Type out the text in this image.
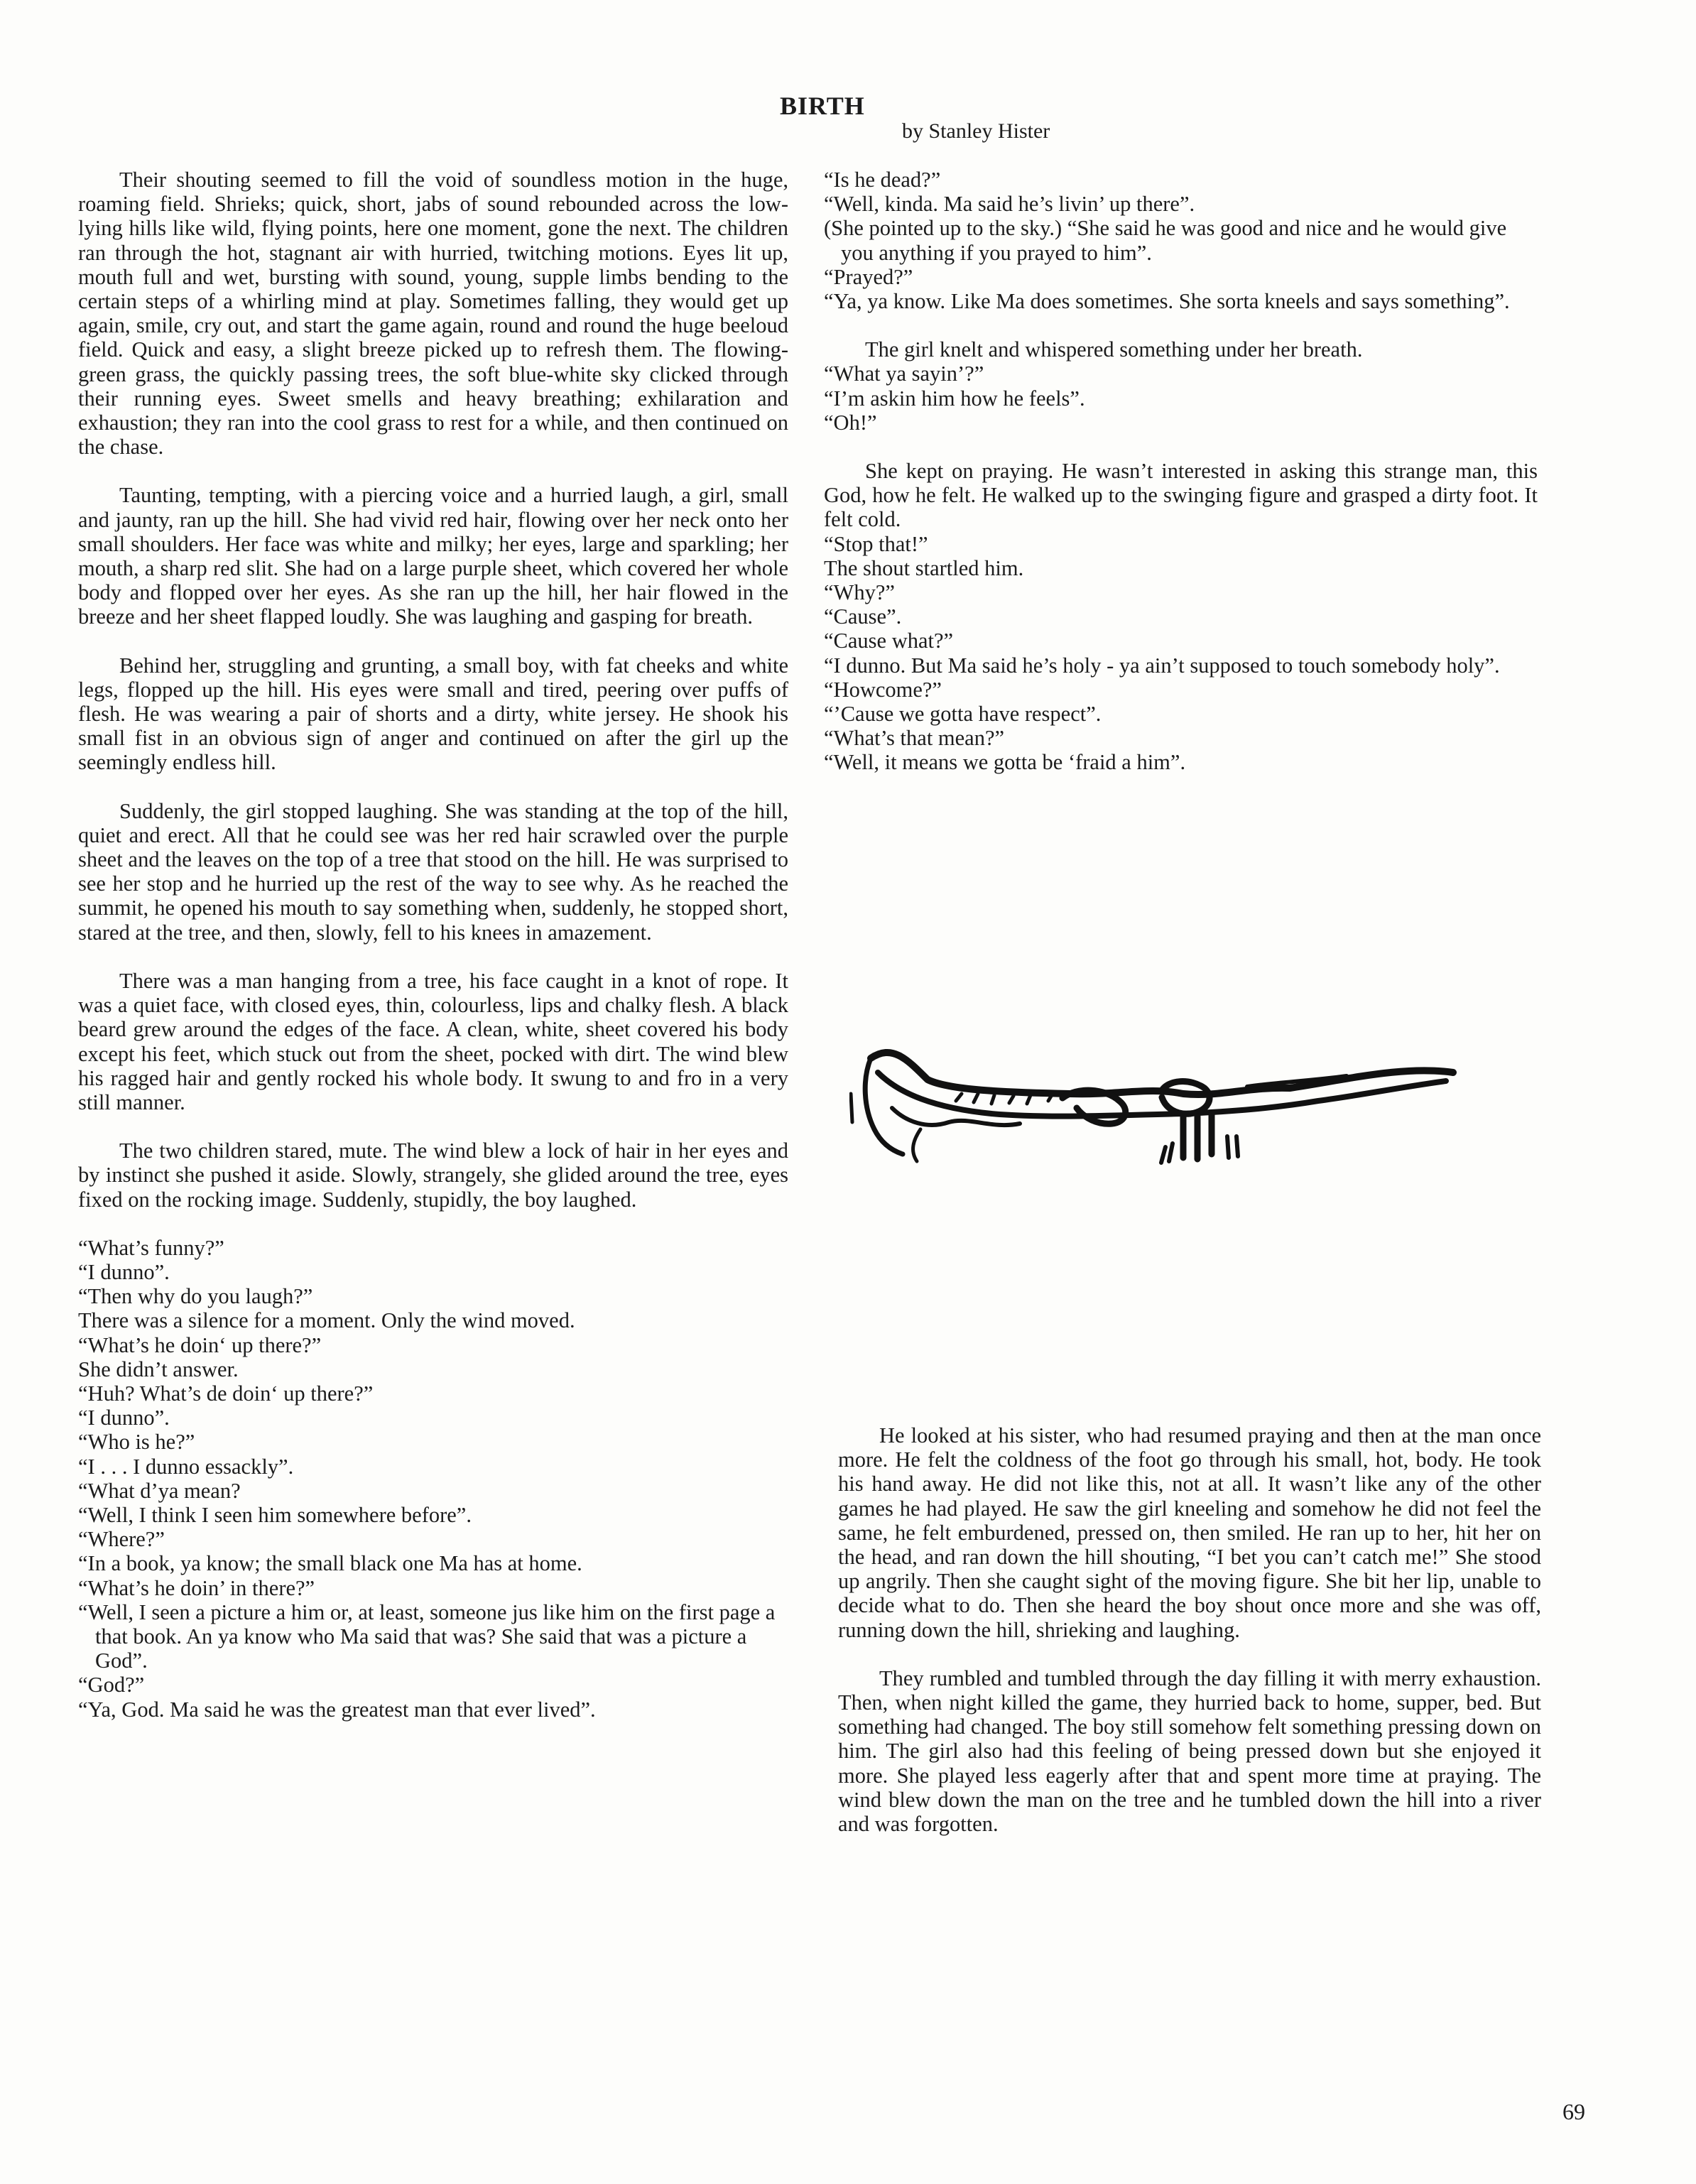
BIRTH
by Stanley Hister

Their shouting seemed to fill the void of soundless motion in the huge, roaming field. Shrieks; quick, short, jabs of sound rebounded across the low-lying hills like wild, flying points, here one moment, gone the next. The children ran through the hot, stagnant air with hurried, twitching motions. Eyes lit up, mouth full and wet, bursting with sound, young, supple limbs bending to the certain steps of a whirling mind at play. Sometimes falling, they would get up again, smile, cry out, and start the game again, round and round the huge beeloud field. Quick and easy, a slight breeze picked up to refresh them. The flowing-green grass, the quickly passing trees, the soft blue-white sky clicked through their running eyes. Sweet smells and heavy breathing; exhilaration and exhaustion; they ran into the cool grass to rest for a while, and then continued on the chase.

Taunting, tempting, with a piercing voice and a hurried laugh, a girl, small and jaunty, ran up the hill. She had vivid red hair, flowing over her neck onto her small shoulders. Her face was white and milky; her eyes, large and sparkling; her mouth, a sharp red slit. She had on a large purple sheet, which covered her whole body and flopped over her eyes. As she ran up the hill, her hair flowed in the breeze and her sheet flapped loudly. She was laughing and gasping for breath.

Behind her, struggling and grunting, a small boy, with fat cheeks and white legs, flopped up the hill. His eyes were small and tired, peering over puffs of flesh. He was wearing a pair of shorts and a dirty, white jersey. He shook his small fist in an obvious sign of anger and continued on after the girl up the seemingly endless hill.

Suddenly, the girl stopped laughing. She was standing at the top of the hill, quiet and erect. All that he could see was her red hair scrawled over the purple sheet and the leaves on the top of a tree that stood on the hill. He was surprised to see her stop and he hurried up the rest of the way to see why. As he reached the summit, he opened his mouth to say something when, suddenly, he stopped short, stared at the tree, and then, slowly, fell to his knees in amazement.

There was a man hanging from a tree, his face caught in a knot of rope. It was a quiet face, with closed eyes, thin, colourless, lips and chalky flesh. A black beard grew around the edges of the face. A clean, white, sheet covered his body except his feet, which stuck out from the sheet, pocked with dirt. The wind blew his ragged hair and gently rocked his whole body. It swung to and fro in a very still manner.

The two children stared, mute. The wind blew a lock of hair in her eyes and by instinct she pushed it aside. Slowly, strangely, she glided around the tree, eyes fixed on the rocking image. Suddenly, stupidly, the boy laughed.

“What’s funny?”

“I dunno”.

“Then why do you laugh?”

There was a silence for a moment. Only the wind moved.

“What’s he doin‘ up there?”

She didn’t answer.

“Huh? What’s de doin‘ up there?”

“I dunno”.

“Who is he?”

“I . . . I dunno essackly”.

“What d’ya mean?

“Well, I think I seen him somewhere before”.

“Where?”

“In a book, ya know; the small black one Ma has at home.

“What’s he doin’ in there?”

“Well, I seen a picture a him or, at least, someone jus like him on the first page a that book. An ya know who Ma said that was? She said that was a picture a God”.

“God?”

“Ya, God. Ma said he was the greatest man that ever lived”.

“Is he dead?”

“Well, kinda. Ma said he’s livin’ up there”.

(She pointed up to the sky.) “She said he was good and nice and he would give you anything if you prayed to him”.

“Prayed?”

“Ya, ya know. Like Ma does sometimes. She sorta kneels and says something”.

The girl knelt and whispered something under her breath.

“What ya sayin’?”

“I’m askin him how he feels”.

“Oh!”

She kept on praying. He wasn’t interested in asking this strange man, this God, how he felt. He walked up to the swinging figure and grasped a dirty foot. It felt cold.

“Stop that!”

The shout startled him.

“Why?”

“Cause”.

“Cause what?”

“I dunno. But Ma said he’s holy - ya ain’t supposed to touch somebody holy”.

“Howcome?”

“’Cause we gotta have respect”.

“What’s that mean?”

“Well, it means we gotta be ‘fraid a him”.

He looked at his sister, who had resumed praying and then at the man once more. He felt the coldness of the foot go through his small, hot, body. He took his hand away. He did not like this, not at all. It wasn’t like any of the other games he had played. He saw the girl kneeling and somehow he did not feel the same, he felt emburdened, pressed on, then smiled. He ran up to her, hit her on the head, and ran down the hill shouting, “I bet you can’t catch me!” She stood up angrily. Then she caught sight of the moving figure. She bit her lip, unable to decide what to do. Then she heard the boy shout once more and she was off, running down the hill, shrieking and laughing.

They rumbled and tumbled through the day filling it with merry exhaustion. Then, when night killed the game, they hurried back to home, supper, bed. But something had changed. The boy still somehow felt something pressing down on him. The girl also had this feeling of being pressed down but she enjoyed it more. She played less eagerly after that and spent more time at praying. The wind blew down the man on the tree and he tumbled down the hill into a river and was forgotten.

69
